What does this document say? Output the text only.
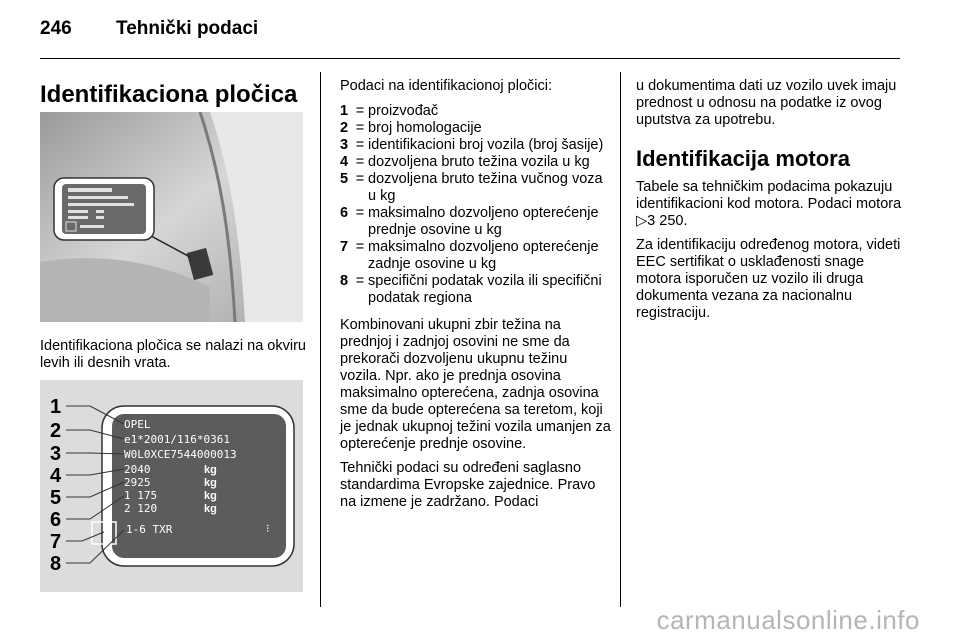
246 Tehnički podaci
Identifikaciona pločica
Identifikaciona pločica se nalazi na okviru levih ili desnih vrata.
OPEL
e1*2001/116*0361
W0L0XCE7544000013
2040
2925
1 175
2 120
kg
kg
kg
kg
1-6 TXR	⁝
1
2
3
4
5
6
7
8

Podaci na identifikacionoj pločici:

1 = proizvođač
2 = broj homologacije
3 = identifikacioni broj vozila (broj šasije)
4 = dozvoljena bruto težina vozila u kg
5 = dozvoljena bruto težina vučnog voza u kg
6 = maksimalno dozvoljeno opterećenje prednje osovine u kg
7 = maksimalno dozvoljeno opterećenje zadnje osovine u kg
8 = specifični podatak vozila ili specifični podatak regiona

Kombinovani ukupni zbir težina na prednjoj i zadnjoj osovini ne sme da prekorači dozvoljenu ukupnu težinu vozila. Npr. ako je prednja osovina maksimalno opterećena, zadnja osovina sme da bude opterećena sa teretom, koji je jednak ukupnoj težini vozila umanjen za opterećenje prednje osovine.

Tehnički podaci su određeni saglasno standardima Evropske zajednice. Pravo na izmene je zadržano. Podaci

u dokumentima dati uz vozilo uvek imaju prednost u odnosu na podatke iz ovog uputstva za upotrebu.

Identifikacija motora

Tabele sa tehničkim podacima pokazuju identifikacioni kod motora. Podaci motora ▷3 250.

Za identifikaciju određenog motora, videti EEC sertifikat o usklađenosti snage motora isporučen uz vozilo ili druga dokumenta vezana za nacionalnu registraciju.

carmanualsonline.info
